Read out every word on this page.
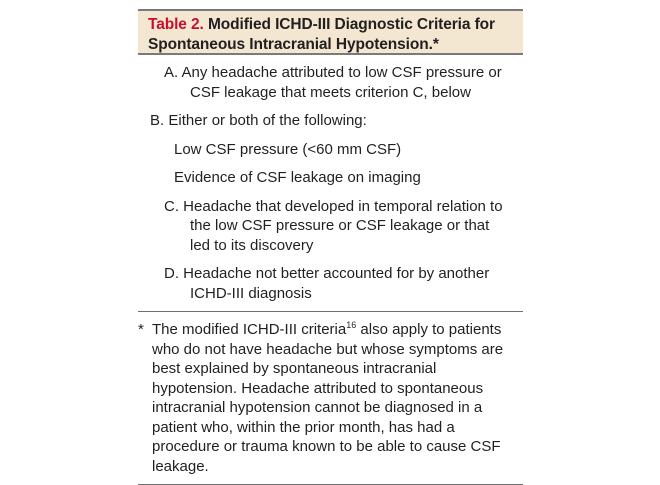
Table 2. Modified ICHD-III Diagnostic Criteria for Spontaneous Intracranial Hypotension.*
A. Any headache attributed to low CSF pressure or CSF leakage that meets criterion C, below
B. Either or both of the following:
Low CSF pressure (<60 mm CSF)
Evidence of CSF leakage on imaging
C. Headache that developed in temporal relation to the low CSF pressure or CSF leakage or that led to its discovery
D. Headache not better accounted for by another ICHD-III diagnosis
* The modified ICHD-III criteria$^{16}$ also apply to patients who do not have headache but whose symptoms are best explained by spontaneous intracranial hypotension. Headache attributed to spontaneous intracranial hypotension cannot be diagnosed in a patient who, within the prior month, has had a procedure or trauma known to be able to cause CSF leakage.
